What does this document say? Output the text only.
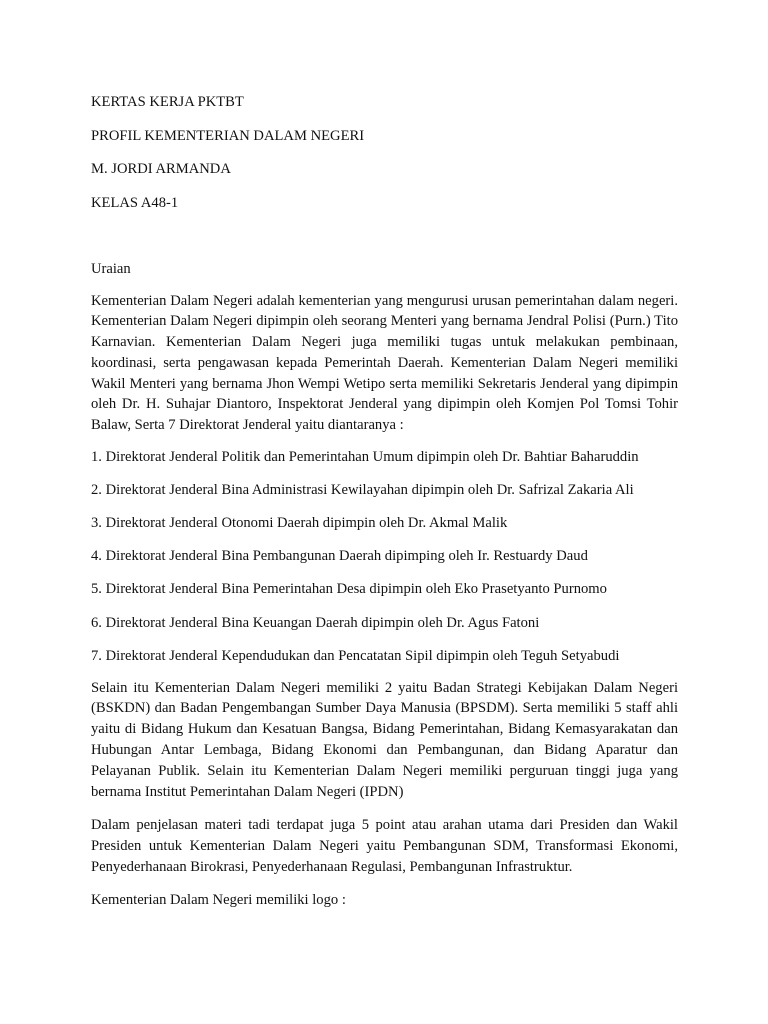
KERTAS KERJA PKTBT
PROFIL KEMENTERIAN DALAM NEGERI
M. JORDI ARMANDA
KELAS A48-1
Uraian

Kementerian Dalam Negeri adalah kementerian yang mengurusi urusan pemerintahan dalam negeri. Kementerian Dalam Negeri dipimpin oleh seorang Menteri yang bernama Jendral Polisi (Purn.) Tito Karnavian. Kementerian Dalam Negeri juga memiliki tugas untuk melakukan pembinaan, koordinasi, serta pengawasan kepada Pemerintah Daerah. Kementerian Dalam Negeri memiliki Wakil Menteri yang bernama Jhon Wempi Wetipo serta memiliki Sekretaris Jenderal yang dipimpin oleh Dr. H. Suhajar Diantoro, Inspektorat Jenderal yang dipimpin oleh Komjen Pol Tomsi Tohir Balaw, Serta 7 Direktorat Jenderal yaitu diantaranya :

1. Direktorat Jenderal Politik dan Pemerintahan Umum dipimpin oleh Dr. Bahtiar Baharuddin
2. Direktorat Jenderal Bina Administrasi Kewilayahan dipimpin oleh Dr. Safrizal Zakaria Ali
3. Direktorat Jenderal Otonomi Daerah dipimpin oleh Dr. Akmal Malik
4. Direktorat Jenderal Bina Pembangunan Daerah dipimping oleh Ir. Restuardy Daud
5. Direktorat Jenderal Bina Pemerintahan Desa dipimpin oleh Eko Prasetyanto Purnomo
6. Direktorat Jenderal Bina Keuangan Daerah dipimpin oleh Dr. Agus Fatoni
7. Direktorat Jenderal Kependudukan dan Pencatatan Sipil dipimpin oleh Teguh Setyabudi

Selain itu Kementerian Dalam Negeri memiliki 2 yaitu Badan Strategi Kebijakan Dalam Negeri (BSKDN) dan Badan Pengembangan Sumber Daya Manusia (BPSDM). Serta memiliki 5 staff ahli yaitu di Bidang Hukum dan Kesatuan Bangsa, Bidang Pemerintahan, Bidang Kemasyarakatan dan Hubungan Antar Lembaga, Bidang Ekonomi dan Pembangunan, dan Bidang Aparatur dan Pelayanan Publik. Selain itu Kementerian Dalam Negeri memiliki perguruan tinggi juga yang bernama Institut Pemerintahan Dalam Negeri (IPDN)

Dalam penjelasan materi tadi terdapat juga 5 point atau arahan utama dari Presiden dan Wakil Presiden untuk Kementerian Dalam Negeri yaitu Pembangunan SDM, Transformasi Ekonomi, Penyederhanaan Birokrasi, Penyederhanaan Regulasi, Pembangunan Infrastruktur.

Kementerian Dalam Negeri memiliki logo :
